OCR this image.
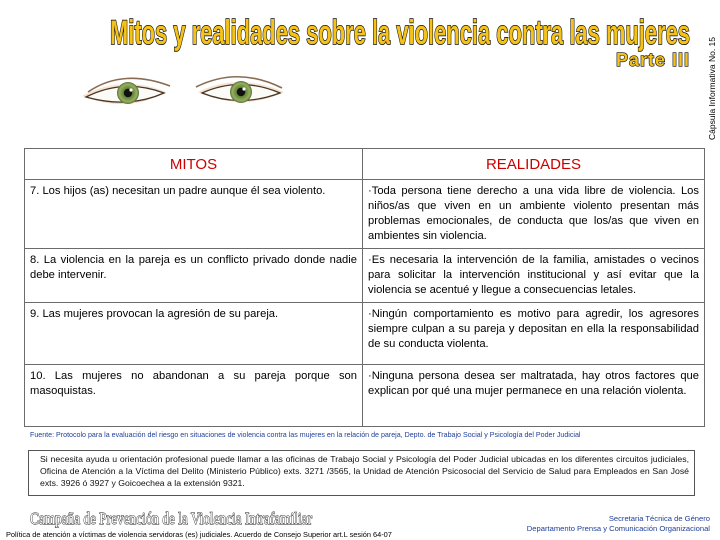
Mitos y realidades sobre la violencia contra las mujeres
Parte III Cápsula Informativa No. 15
MITOS	REALIDADES
7. Los hijos (as) necesitan un padre aunque él sea violento.	·Toda persona tiene derecho a una vida libre de violencia. Los niños/as que viven en un ambiente violento presentan más problemas emocionales, de conducta que los/as que viven en ambientes sin violencia.
8. La violencia en la pareja es un conflicto privado donde nadie debe intervenir.	·Es necesaria la intervención de la familia, amistades o vecinos para solicitar la intervención institucional y así evitar que la violencia se acentué y llegue a consecuencias letales.
9. Las mujeres provocan la agresión de su pareja.	·Ningún comportamiento es motivo para agredir, los agresores siempre culpan a su pareja y depositan en ella la responsabilidad de su conducta violenta.
10. Las mujeres no abandonan a su pareja porque son masoquistas.	·Ninguna persona desea ser maltratada, hay otros factores que explican por qué una mujer permanece en una relación violenta.
Fuente: Protocolo para la evaluación del riesgo en situaciones de violencia contra las mujeres en la relación de pareja, Depto. de Trabajo Social y Psicología del Poder Judicial
Si necesita ayuda u orientación profesional puede llamar a las oficinas de Trabajo Social y Psicología del Poder Judicial ubicadas en los diferentes circuitos judiciales, Oficina de Atención a la Víctima del Delito (Ministerio Público) exts. 3271 /3565, la Unidad de Atención Psicosocial del Servicio de Salud para Empleados en San José exts. 3926 ó 3927 y Goicoechea a la extensión 9321.
Campaña de Prevención de la Violencia Intrafamiliar	Secretaria Técnica de Género
Departamento Prensa y Comunicación Organizacional
Política de atención a víctimas de violencia servidoras (es) judiciales. Acuerdo de Consejo Superior art.L sesión 64-07
